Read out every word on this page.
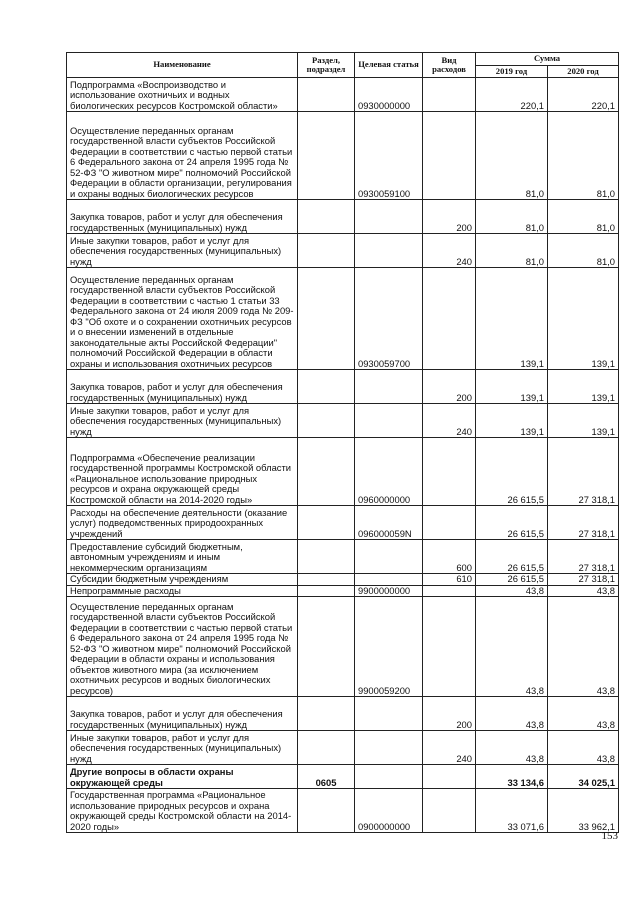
Наименование	Раздел, подраздел	Целевая статья	Вид расходов	Сумма	
				2019 год	2020 год
Подпрограмма «Воспроизводство и использование охотничьих и водных биологических ресурсов Костромской области»		0930000000		220,1	220,1
Осуществление переданных органам государственной власти субъектов Российской Федерации в соответствии с частью первой статьи 6 Федерального закона от 24 апреля 1995 года № 52-ФЗ "О животном мире" полномочий Российской Федерации в области организации, регулирования и охраны водных биологических ресурсов		0930059100		81,0	81,0
Закупка товаров, работ и услуг для обеспечения государственных (муниципальных) нужд			200	81,0	81,0
Иные закупки товаров, работ и услуг для обеспечения государственных (муниципальных) нужд			240	81,0	81,0
Осуществление переданных органам государственной власти субъектов Российской Федерации в соответствии с частью 1 статьи 33 Федерального закона от 24 июля 2009 года № 209-ФЗ "Об охоте и о сохранении охотничьих ресурсов и о внесении изменений в отдельные законодательные акты Российской Федерации" полномочий Российской Федерации в области охраны и использования охотничьих ресурсов		0930059700		139,1	139,1
Закупка товаров, работ и услуг для обеспечения государственных (муниципальных) нужд			200	139,1	139,1
Иные закупки товаров, работ и услуг для обеспечения государственных (муниципальных) нужд			240	139,1	139,1
Подпрограмма «Обеспечение реализации государственной программы Костромской области «Рациональное использование природных ресурсов и охрана окружающей среды Костромской области на 2014-2020 годы»		0960000000		26 615,5	27 318,1
Расходы на обеспечение деятельности (оказание услуг) подведомственных природоохранных учреждений		096000059N		26 615,5	27 318,1
Предоставление субсидий бюджетным, автономным учреждениям и иным некоммерческим организациям			600	26 615,5	27 318,1
Субсидии бюджетным учреждениям			610	26 615,5	27 318,1
Непрограммные расходы		9900000000		43,8	43,8
Осуществление переданных органам государственной власти субъектов Российской Федерации в соответствии с частью первой статьи 6 Федерального закона от 24 апреля 1995 года № 52-ФЗ "О животном мире" полномочий Российской Федерации в области охраны и использования объектов животного мира (за исключением охотничьих ресурсов и водных биологических ресурсов)		9900059200		43,8	43,8
Закупка товаров, работ и услуг для обеспечения государственных (муниципальных) нужд			200	43,8	43,8
Иные закупки товаров, работ и услуг для обеспечения государственных (муниципальных) нужд			240	43,8	43,8
Другие вопросы в области охраны окружающей среды	0605			33 134,6	34 025,1
Государственная программа «Рациональное использование природных ресурсов и охрана окружающей среды Костромской области на 2014-2020 годы»		0900000000		33 071,6	33 962,1
153
